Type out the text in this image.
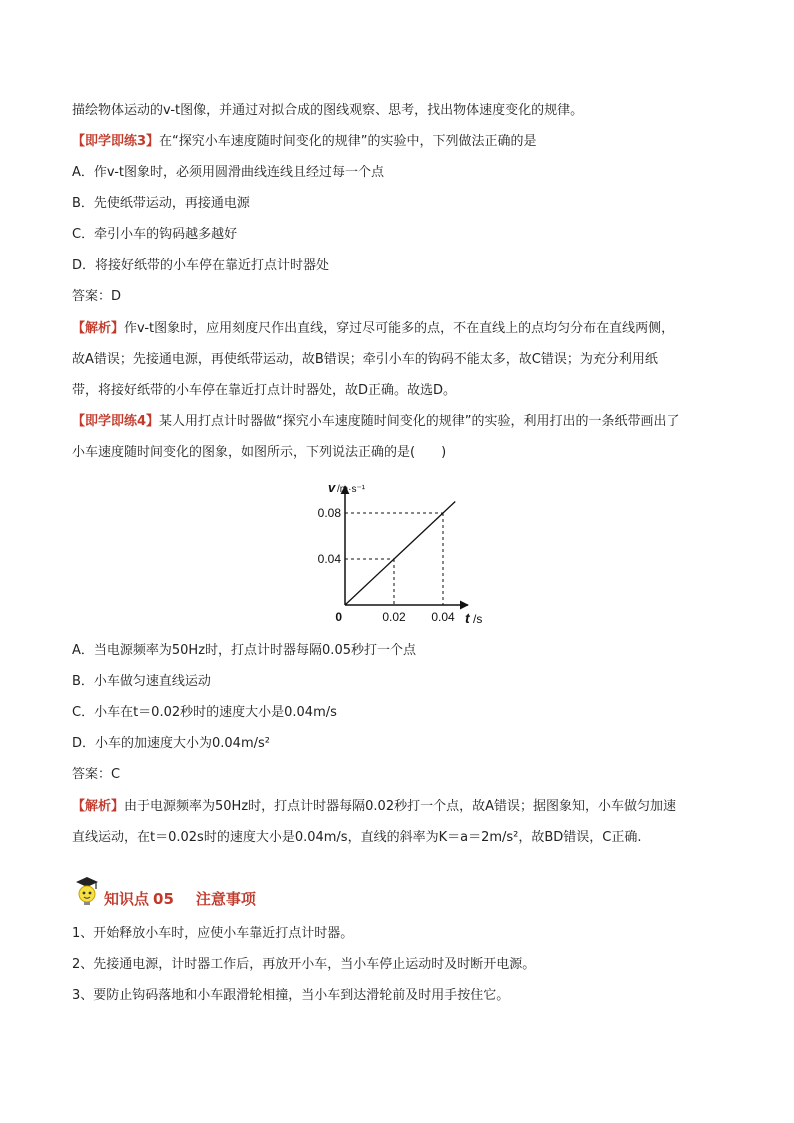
描绘物体运动的v-t图像，并通过对拟合成的图线观察、思考，找出物体速度变化的规律。
【即学即练3】在“探究小车速度随时间变化的规律”的实验中，下列做法正确的是
A．作v-t图象时，必须用圆滑曲线连线且经过每一个点
B．先使纸带运动，再接通电源
C．牵引小车的钩码越多越好
D．将接好纸带的小车停在靠近打点计时器处
答案：D
【解析】作v-t图象时，应用刻度尺作出直线，穿过尽可能多的点，不在直线上的点均匀分布在直线两侧，
故A错误；先接通电源，再使纸带运动，故B错误；牵引小车的钩码不能太多，故C错误；为充分利用纸
带，将接好纸带的小车停在靠近打点计时器处，故D正确。故选D。
【即学即练4】某人用打点计时器做“探究小车速度随时间变化的规律”的实验，利用打出的一条纸带画出了
小车速度随时间变化的图象，如图所示，下列说法正确的是(　　)
v /m·s⁻¹
t /s
0
0.04
0.08
0.02 0.04
A．当电源频率为50Hz时，打点计时器每隔0.05秒打一个点
B．小车做匀速直线运动
C．小车在t＝0.02秒时的速度大小是0.04m/s
D．小车的加速度大小为0.04m/s²
答案：C
【解析】由于电源频率为50Hz时，打点计时器每隔0.02秒打一个点，故A错误；据图象知，小车做匀加速
直线运动，在t＝0.02s时的速度大小是0.04m/s，直线的斜率为K＝a＝2m/s²，故BD错误，C正确.
知识点 05 注意事项
1、开始释放小车时，应使小车靠近打点计时器。
2、先接通电源，计时器工作后，再放开小车，当小车停止运动时及时断开电源。
3、要防止钩码落地和小车跟滑轮相撞，当小车到达滑轮前及时用手按住它。
